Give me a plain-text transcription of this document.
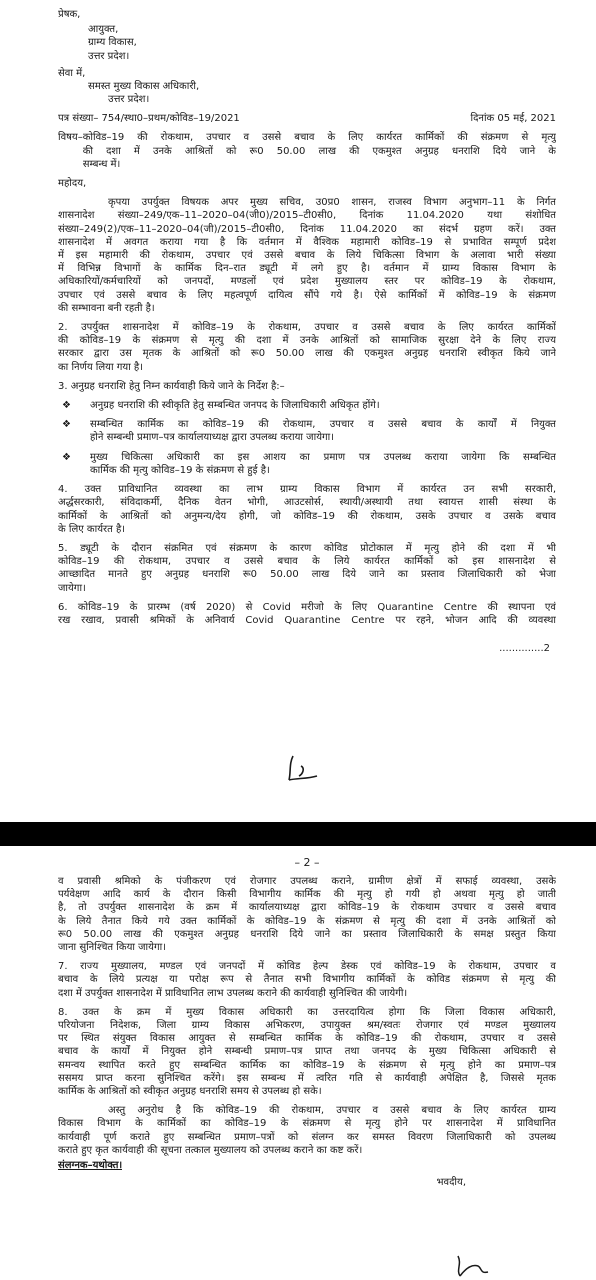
प्रेषक,
आयुक्त,
ग्राम्य विकास,
उत्तर प्रदेश।
सेवा में,
समस्त मुख्य विकास अधिकारी,
उत्तर प्रदेश।
पत्र संख्या– 754/स्था0–प्रथम/कोविड–19/2021	दिनांक 05 मई, 2021
विषय– कोविड–19 की रोकथाम, उपचार व उससे बचाव के लिए कार्यरत कार्मिकों की संक्रमण से मृत्यु
की दशा में उनके आश्रितों को रू0 50.00 लाख की एकमुश्त अनुग्रह धनराशि दिये जाने के
सम्बन्ध में।
महोदय,
कृपया उपर्युक्त विषयक अपर मुख्य सचिव, उ0प्र0 शासन, राजस्व विभाग अनुभाग–11 के निर्गत
शासनादेश संख्या–249/एक–11–2020–04(जी0)/2015–टी0सी0, दिनांक 11.04.2020 यथा संशोधित
संख्या–249(2)/एक–11–2020–04(जी)/2015–टी0सी0, दिनांक 11.04.2020 का संदर्भ ग्रहण करें। उक्त
शासनादेश में अवगत कराया गया है कि वर्तमान में वैश्विक महामारी कोविड–19 से प्रभावित सम्पूर्ण प्रदेश
में इस महामारी की रोकथाम, उपचार एवं उससे बचाव के लिये चिकित्सा विभाग के अलावा भारी संख्या
में विभिन्न विभागों के कार्मिक दिन–रात ड्यूटी में लगे हुए है। वर्तमान में ग्राम्य विकास विभाग के
अधिकारियों/कर्मचारियों को जनपदों, मण्डलों एवं प्रदेश मुख्यालय स्तर पर कोविड–19 के रोकथाम,
उपचार एवं उससे बचाव के लिए महत्वपूर्ण दायित्व सौंपे गये है। ऐसे कार्मिकों में कोविड–19 के संक्रमण
की सम्भावना बनी रहती है।
2. उपर्युक्त शासनादेश में कोविड–19 के रोकथाम, उपचार व उससे बचाव के लिए कार्यरत कार्मिकों
की कोविड–19 के संक्रमण से मृत्यु की दशा में उनके आश्रितों को सामाजिक सुरक्षा देने के लिए राज्य
सरकार द्वारा उस मृतक के आश्रितों को रू0 50.00 लाख की एकमुश्त अनुग्रह धनराशि स्वीकृत किये जाने
का निर्णय लिया गया है।
3. अनुग्रह धनराशि हेतु निम्न कार्यवाही किये जाने के निर्देश है:–
❖	अनुग्रह धनराशि की स्वीकृति हेतु सम्बन्धित जनपद के जिलाधिकारी अधिकृत होंगे।
❖	सम्बन्धित कार्मिक का कोविड–19 की रोकथाम, उपचार व उससे बचाव के कार्यों में नियुक्त
होने सम्बन्धी प्रमाण–पत्र कार्यालयाध्यक्ष द्वारा उपलब्ध कराया जायेगा।
❖	मुख्य चिकित्सा अधिकारी का इस आशय का प्रमाण पत्र उपलब्ध कराया जायेगा कि सम्बन्धित
कार्मिक की मृत्यु कोविड–19 के संक्रमण से हुई है।
4. उक्त प्राविधानित व्यवस्था का लाभ ग्राम्य विकास विभाग में कार्यरत उन सभी सरकारी,
अर्द्धसरकारी, संविदाकर्मी, दैनिक वेतन भोगी, आउटसोर्स, स्थायी/अस्थायी तथा स्वायत्त शासी संस्था के
कार्मिकों के आश्रितों को अनुमन्य/देय होगी, जो कोविड–19 की रोकथाम, उसके उपचार व उसके बचाव
के लिए कार्यरत है।
5. ड्यूटी के दौरान संक्रमित एवं संक्रमण के कारण कोविड प्रोटोकाल में मृत्यु होने की दशा में भी
कोविड–19 की रोकथाम, उपचार व उससे बचाव के लिये कार्यरत कार्मिकों को इस शासनादेश से
आच्छादित मानते हुए अनुग्रह धनराशि रू0 50.00 लाख दिये जाने का प्रस्ताव जिलाधिकारी को भेजा
जायेगा।
6. कोविड–19 के प्रारम्भ (वर्ष 2020) से Covid मरीजो के लिए Quarantine Centre की स्थापना एवं
रख रखाव, प्रवासी श्रमिकों के अनिवार्य Covid Quarantine Centre पर रहने, भोजन आदि की व्यवस्था
..............2
– 2 –
व प्रवासी श्रमिको के पंजीकरण एवं रोजगार उपलब्ध कराने, ग्रामीण क्षेत्रों में सफाई व्यवस्था, उसके
पर्यवेक्षण आदि कार्य के दौरान किसी विभागीय कार्मिक की मृत्यु हो गयी हो अथवा मृत्यु हो जाती
है, तो उपर्युक्त शासनादेश के क्रम में कार्यालयाध्यक्ष द्वारा कोविड–19 के रोकथाम उपचार व उससे बचाव
के लिये तैनात किये गये उक्त कार्मिकों के कोविड–19 के संक्रमण से मृत्यु की दशा में उनके आश्रितों को
रू0 50.00 लाख की एकमुश्त अनुग्रह धनराशि दिये जाने का प्रस्ताव जिलाधिकारी के समक्ष प्रस्तुत किया
जाना सुनिश्चित किया जायेगा।
7. राज्य मुख्यालय, मण्डल एवं जनपदों में कोविड हेल्प डेस्क एवं कोविड–19 के रोकथाम, उपचार व
बचाव के लिये प्रत्यक्ष या परोक्ष रूप से तैनात सभी विभागीय कार्मिकों के कोविड संक्रमण से मृत्यु की
दशा में उपर्युक्त शासनादेश में प्राविधानित लाभ उपलब्ध कराने की कार्यवाही सुनिश्चित की जायेगी।
8. उक्त के क्रम में मुख्य विकास अधिकारी का उत्तरदायित्व होगा कि जिला विकास अधिकारी,
परियोजना निदेशक, जिला ग्राम्य विकास अभिकरण, उपायुक्त श्रम/स्वतः रोजगार एवं मण्डल मुख्यालय
पर स्थित संयुक्त विकास आयुक्त से सम्बन्धित कार्मिक के कोविड–19 की रोकथाम, उपचार व उससे
बचाव के कार्यों में नियुक्त होने सम्बन्धी प्रमाण–पत्र प्राप्त तथा जनपद के मुख्य चिकित्सा अधिकारी से
समन्वय स्थापित करते हुए सम्बन्धित कार्मिक का कोविड–19 के संक्रमण से मृत्यु होने का प्रमाण–पत्र
ससमय प्राप्त करना सुनिश्चित करेंगे। इस सम्बन्ध में त्वरित गति से कार्यवाही अपेक्षित है, जिससे मृतक
कार्मिक के आश्रितों को स्वीकृत अनुग्रह धनराशि समय से उपलब्ध हो सके।
अस्तु अनुरोध है कि कोविड–19 की रोकथाम, उपचार व उससे बचाव के लिए कार्यरत ग्राम्य
विकास विभाग के कार्मिकों का कोविड–19 के संक्रमण से मृत्यु होने पर शासनादेश में प्राविधानित
कार्यवाही पूर्ण कराते हुए सम्बन्धित प्रमाण–पत्रों को संलग्न कर समस्त विवरण जिलाधिकारी को उपलब्ध
कराते हुए कृत कार्यवाही की सूचना तत्काल मुख्यालय को उपलब्ध कराने का कष्ट करें।
संलग्नक–यथोक्त।
भवदीय,
